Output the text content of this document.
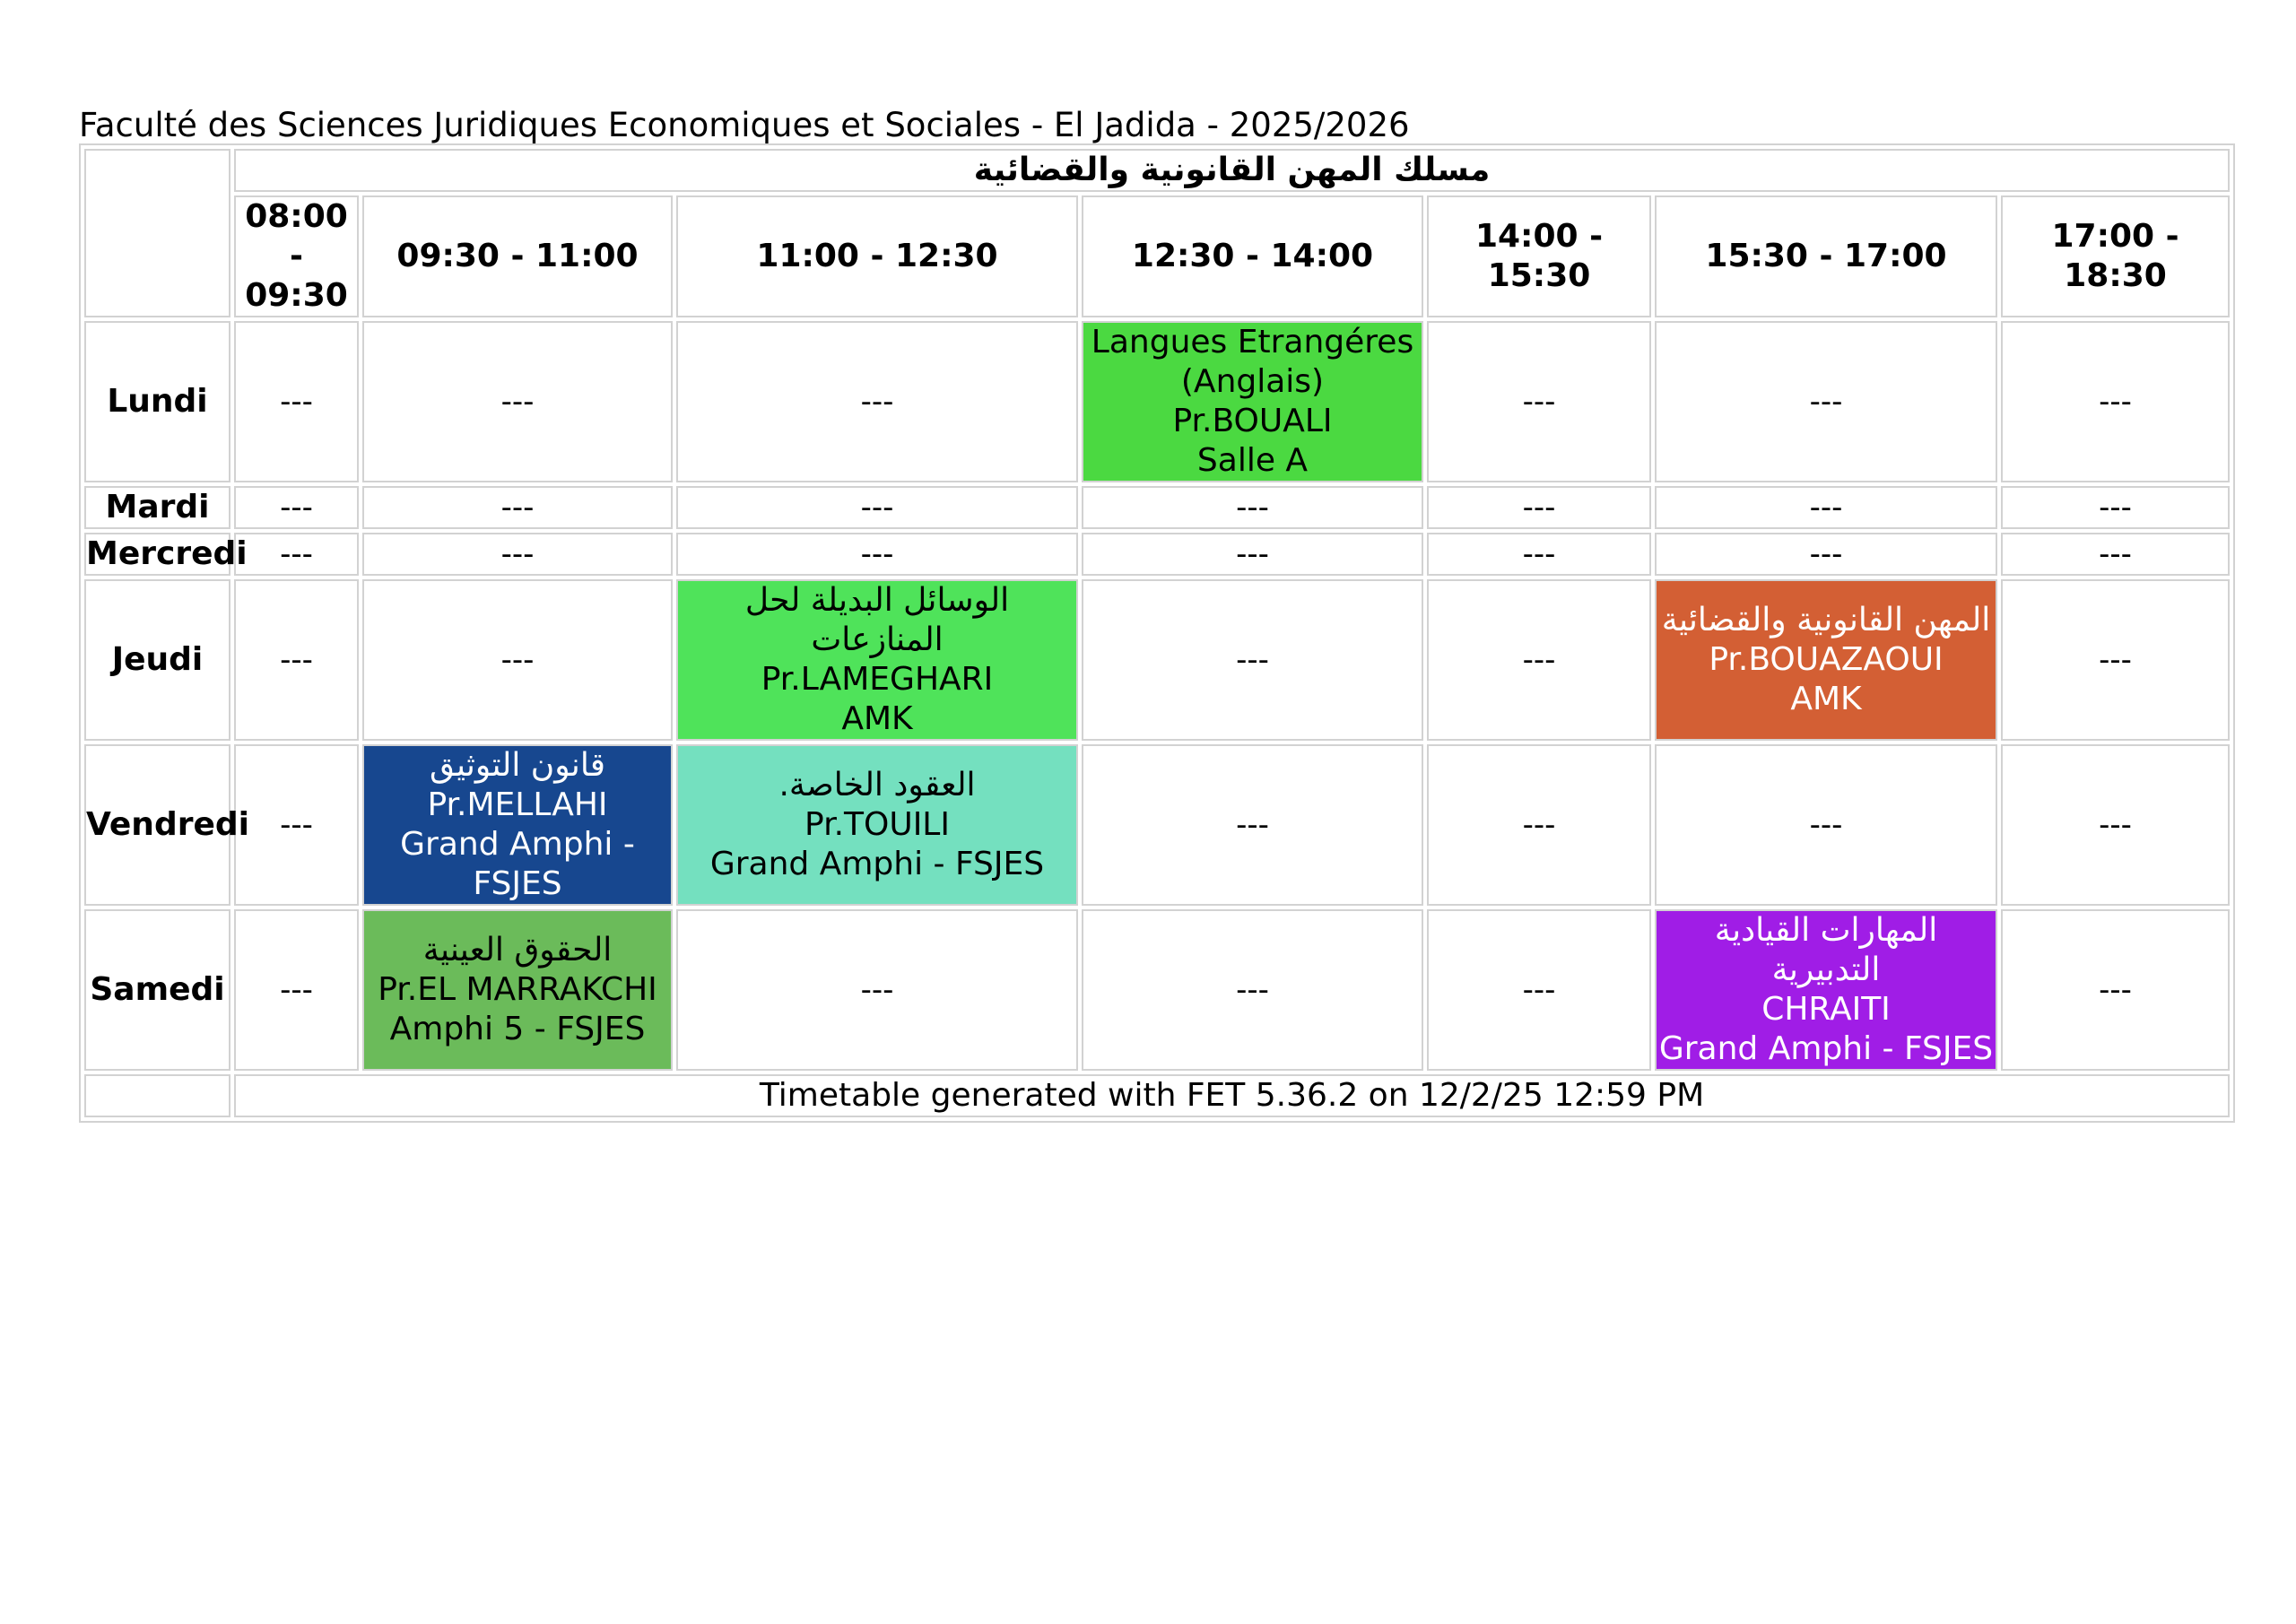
Faculté des Sciences Juridiques Economiques et Sociales - El Jadida - 2025/2026
	مسلك المهن القانونية والقضائية						
	08:00 - 09:30	09:30 - 11:00	11:00 - 12:30	12:30 - 14:00	14:00 - 15:30	15:30 - 17:00	17:00 - 18:30
Lundi	---	---	---	Langues Etrangéres
(Anglais)
Pr.BOUALI
Salle A	---	---	---
Mardi	---	---	---	---	---	---	---
Mercredi	---	---	---	---	---	---	---
Jeudi	---	---	الوسائل البديلة لحل
المنازعات
Pr.LAMEGHARI
AMK	---	---	المهن القانونية والقضائية
Pr.BOUAZAOUI
AMK	---
Vendredi	---	قانون التوثيق
Pr.MELLAHI
Grand Amphi - FSJES	العقود الخاصة.
Pr.TOUILI
Grand Amphi - FSJES	---	---	---	---
Samedi	---	الحقوق العينية
Pr.EL MARRAKCHI
Amphi 5 - FSJES	---	---	---	المهارات القيادية التدبيرية
CHRAITI
Grand Amphi - FSJES	---
	Timetable generated with FET 5.36.2 on 12/2/25 12:59 PM						
